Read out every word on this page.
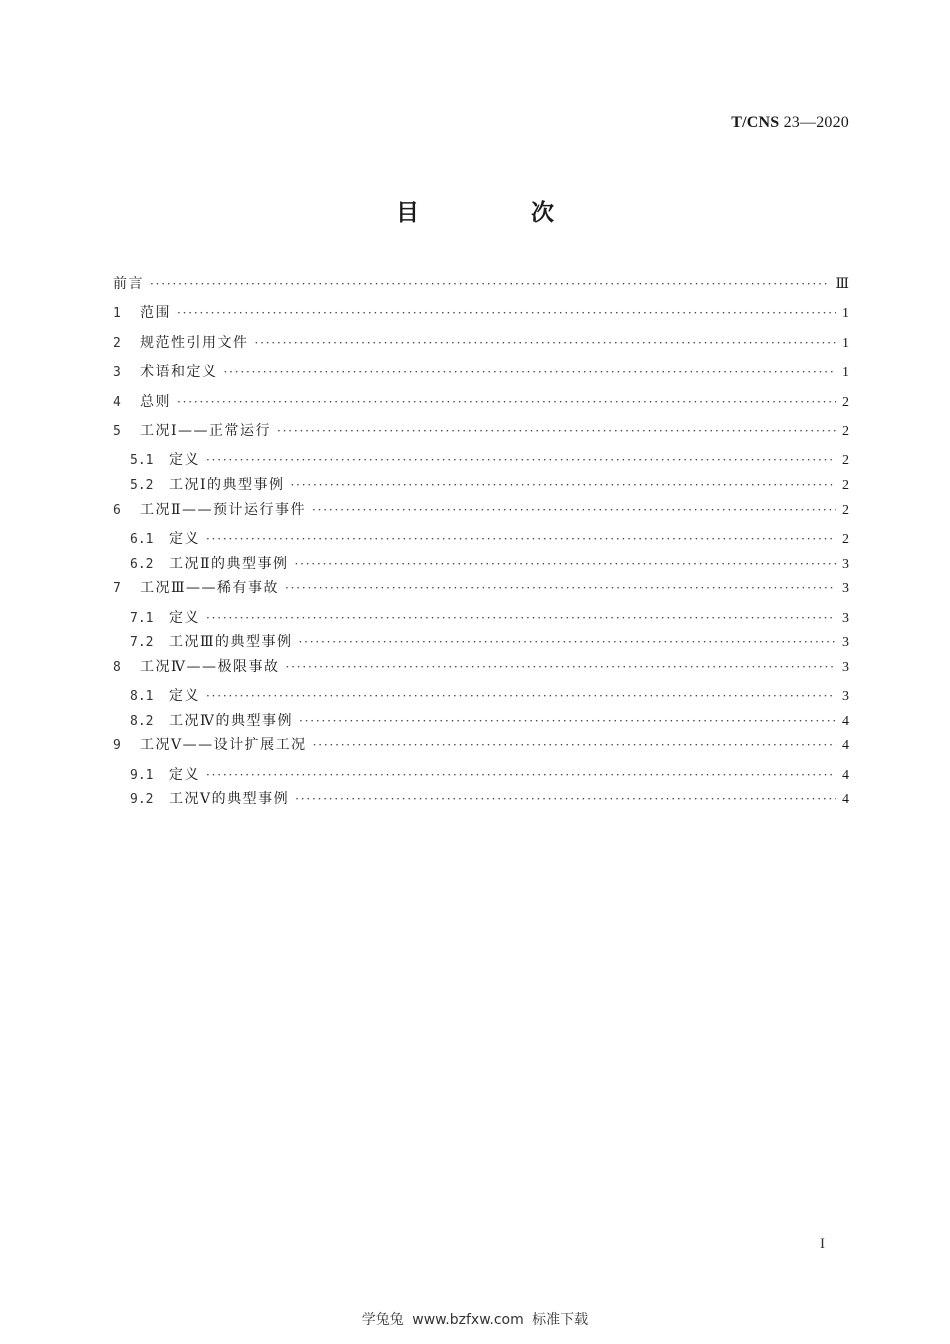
T/CNS 23—2020
目 次
前言 ·····	Ⅲ
1	范围 ·····	1
2	规范性引用文件 ·····	1
3	术语和定义 ·····	1
4	总则 ·····	2
5	工况Ⅰ——正常运行 ·····	2
5.1	定义 ·····	2
5.2	工况Ⅰ的典型事例 ·····	2
6	工况Ⅱ——预计运行事件 ·····	2
6.1	定义 ·····	2
6.2	工况Ⅱ的典型事例 ·····	3
7	工况Ⅲ——稀有事故 ·····	3
7.1	定义 ·····	3
7.2	工况Ⅲ的典型事例 ·····	3
8	工况Ⅳ——极限事故 ·····	3
8.1	定义 ·····	3
8.2	工况Ⅳ的典型事例 ·····	4
9	工况Ⅴ——设计扩展工况 ·····	4
9.1	定义 ·····	4
9.2	工况Ⅴ的典型事例 ·····	4
I
学兔兔 www.bzfxw.com 标准下载
